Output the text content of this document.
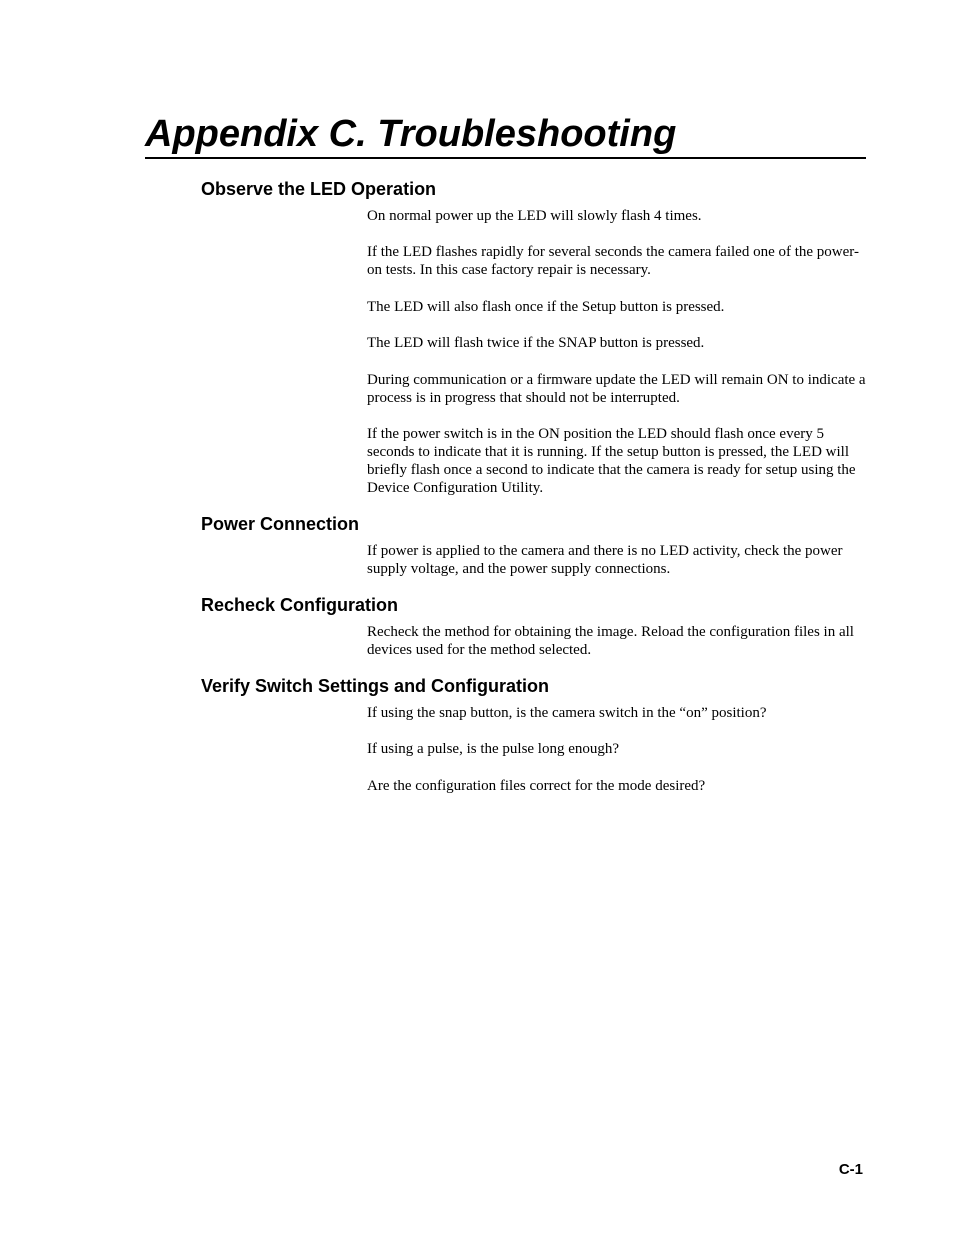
Appendix C. Troubleshooting
Observe the LED Operation

On normal power up the LED will slowly flash 4 times.

If the LED flashes rapidly for several seconds the camera failed one of the power-on tests. In this case factory repair is necessary.

The LED will also flash once if the Setup button is pressed.

The LED will flash twice if the SNAP button is pressed.

During communication or a firmware update the LED will remain ON to indicate a process is in progress that should not be interrupted.

If the power switch is in the ON position the LED should flash once every 5 seconds to indicate that it is running. If the setup button is pressed, the LED will briefly flash once a second to indicate that the camera is ready for setup using the Device Configuration Utility.

Power Connection

If power is applied to the camera and there is no LED activity, check the power supply voltage, and the power supply connections.

Recheck Configuration

Recheck the method for obtaining the image. Reload the configuration files in all devices used for the method selected.

Verify Switch Settings and Configuration

If using the snap button, is the camera switch in the “on” position?

If using a pulse, is the pulse long enough?

Are the configuration files correct for the mode desired?

C-1
